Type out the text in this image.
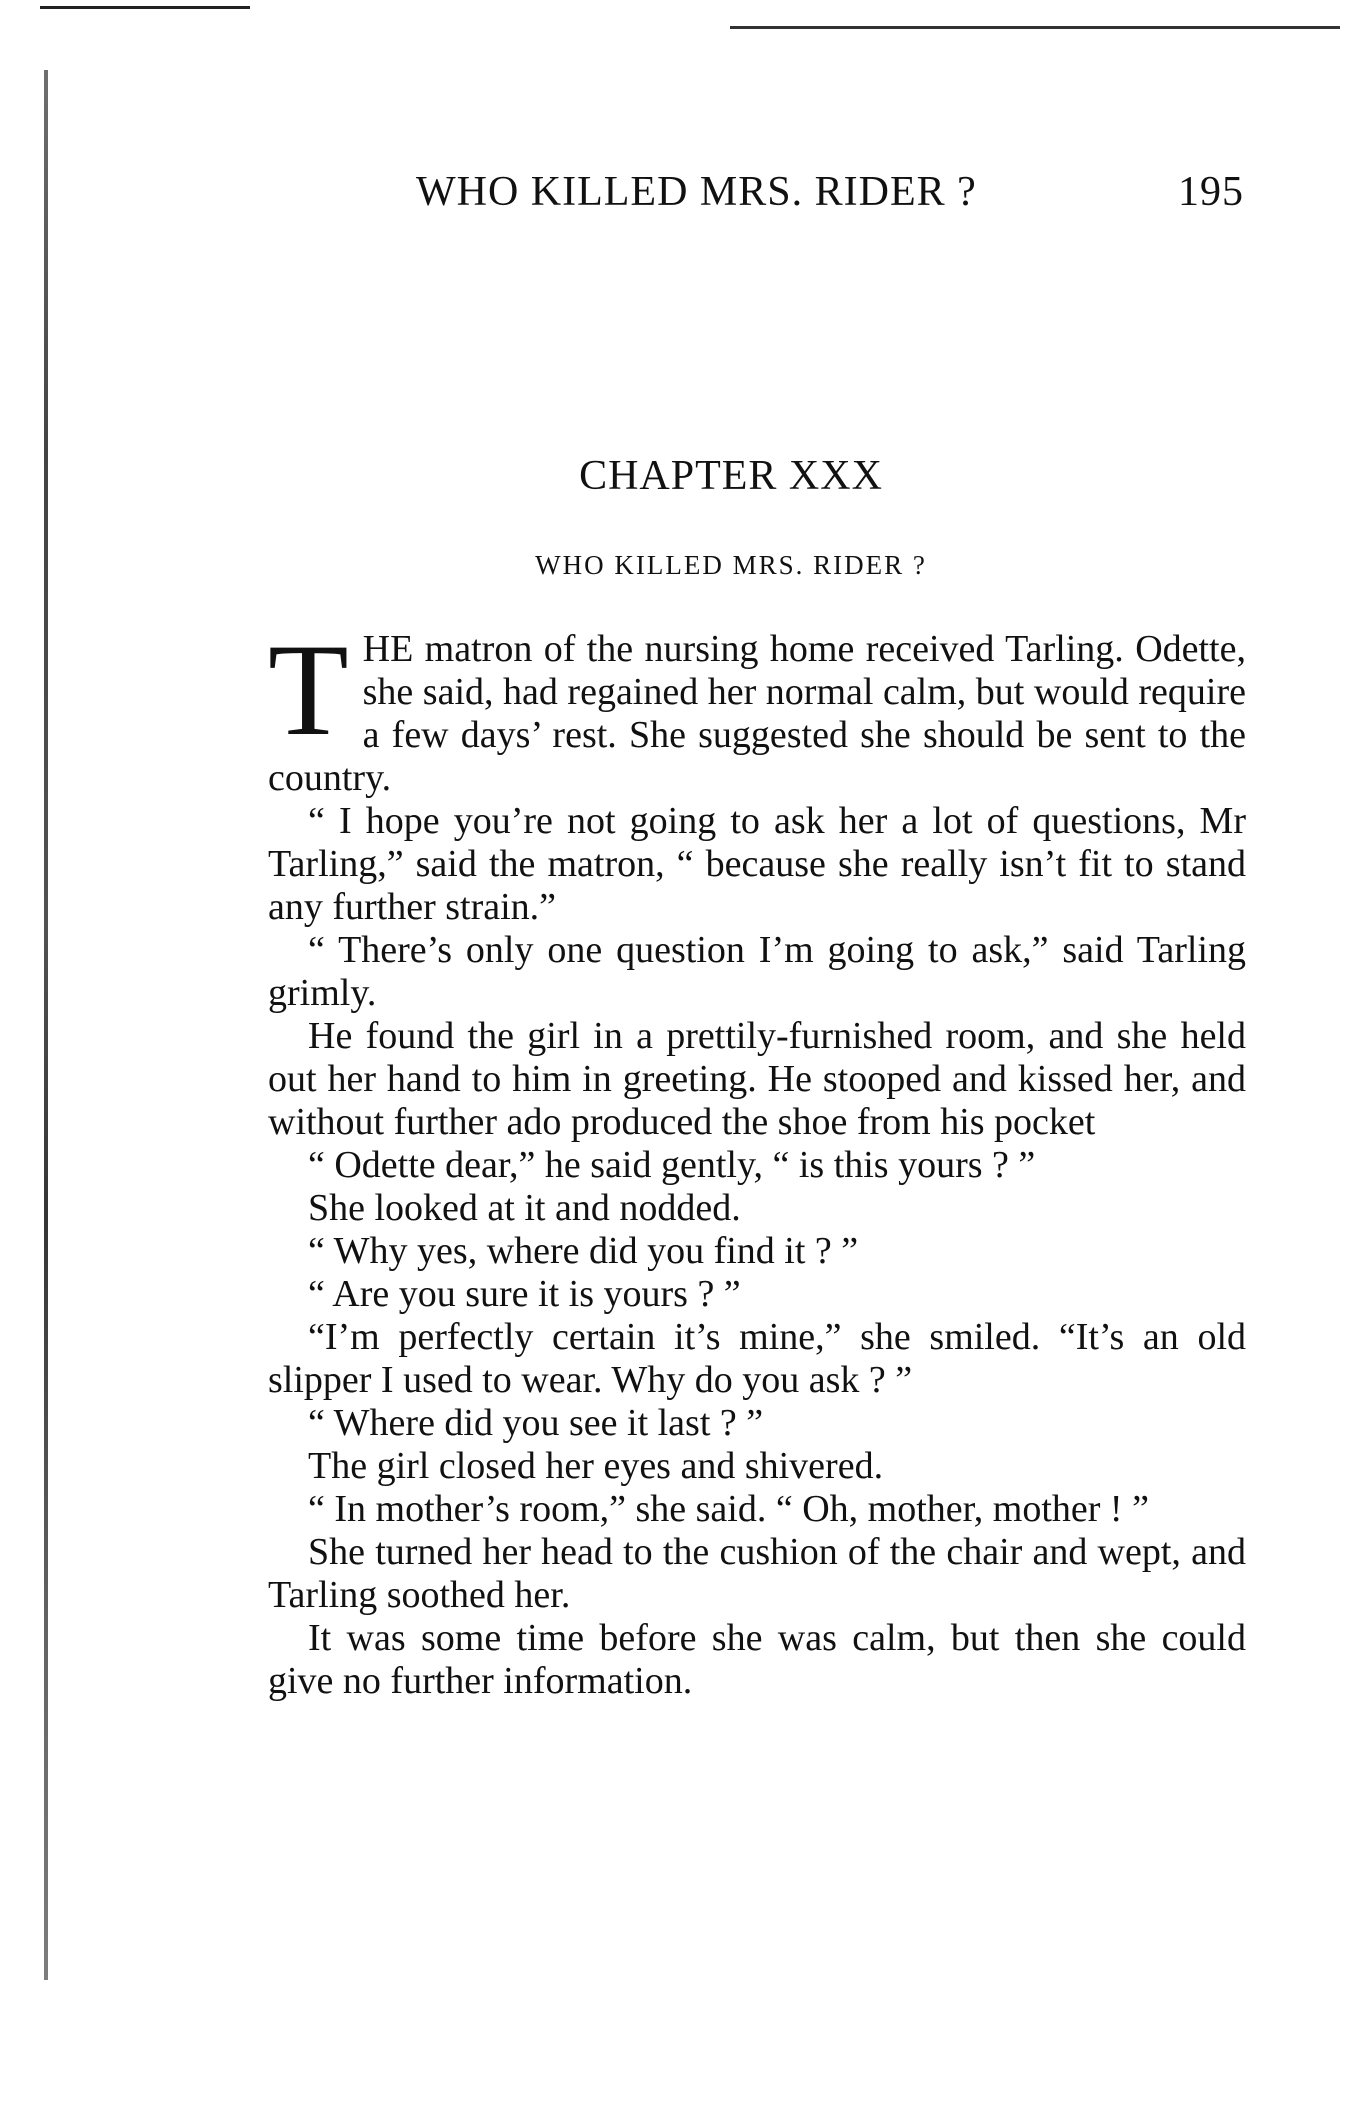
WHO KILLED MRS. RIDER ?	195
CHAPTER XXX
WHO KILLED MRS. RIDER ?

THE matron of the nursing home received Tarling. Odette, she said, had regained her normal calm, but would require a few days’ rest. She suggested she should be sent to the country.

“ I hope you’re not going to ask her a lot of questions, Mr Tarling,” said the matron, “ because she really isn’t fit to stand any further strain.”

“ There’s only one question I’m going to ask,” said Tarling grimly.

He found the girl in a prettily-furnished room, and she held out her hand to him in greeting. He stooped and kissed her, and without further ado produced the shoe from his pocket

“ Odette dear,” he said gently, “ is this yours ? ”

She looked at it and nodded.

“ Why yes, where did you find it ? ”

“ Are you sure it is yours ? ”

“I’m perfectly certain it’s mine,” she smiled. “It’s an old slipper I used to wear. Why do you ask ? ”

“ Where did you see it last ? ”

The girl closed her eyes and shivered.

“ In mother’s room,” she said. “ Oh, mother, mother ! ”

She turned her head to the cushion of the chair and wept, and Tarling soothed her.

It was some time before she was calm, but then she could give no further information.
